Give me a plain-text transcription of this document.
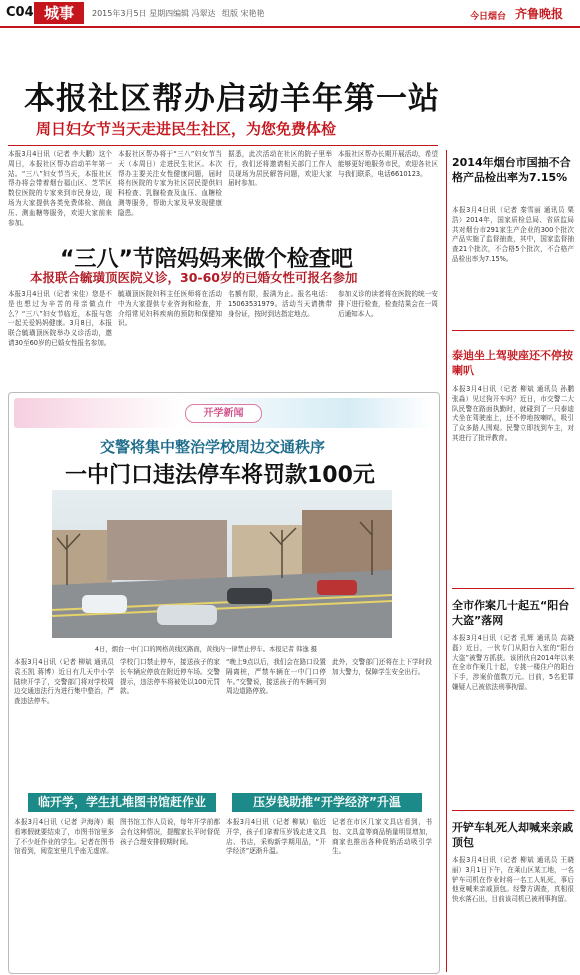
C04 城事	2015年3月5日 星期四 编辑 冯翠达 组版 宋艳艳	今日烟台 齐鲁晚报
本报社区帮办启动羊年第一站
周日妇女节当天走进民生社区，为您免费体检
本报3月4日讯（记者 李大鹏）这个周日，本报社区帮办启动羊年第一站。“三八”妇女节当天，本报社区帮办将会带着烟台福山区、芝罘区数位医院的专家来到市民身边，现场为大家提供各类免费体检、测血压、测血糖等服务，欢迎大家前来参加。
本报社区帮办将于“三八”妇女节当天（本周日）走进民生社区。本次帮办主要关注女性健康问题，届时将有医院的专家为社区居民提供妇科检查、乳腺检查及血压、血糖检测等服务，帮助大家及早发现健康隐患。
据悉，此次活动在社区的院子里举行，我们还将邀请相关部门工作人员现场为居民解答问题，欢迎大家届时参加。
本报社区帮办长期开展活动，希望能够更好地服务市民，欢迎各社区与我们联系，电话6610123。
“三八”节陪妈妈来做个检查吧
本报联合毓璜顶医院义诊，30-60岁的已婚女性可报名参加
本报3月4日讯（记者 宋佳）您是不是也想过为辛苦的母亲做点什么？“三八”妇女节临近，本报与您一起关爱妈妈健康。3月8日，本报联合毓璜顶医院举办义诊活动，邀请30至60岁的已婚女性报名参加。
毓璜顶医院妇科主任医师将在活动中为大家提供专业咨询和检查，并介绍常见妇科疾病的预防和保健知识。
名额有限，报满为止。报名电话：15063531979。活动当天请携带身份证，按时到达指定地点。
参加义诊的读者将在医院的统一安排下进行检查，检查结果会在一周后通知本人。
开学新闻
交警将集中整治学校周边交通秩序
一中门口违法停车将罚款100元
4日，烟台一中门口的网格黄线区路面，黄线内一律禁止停车。本报记者 韩逸 摄
本报3月4日讯（记者 柳斌 通讯员 袁丕凯 蒋博）近日有几天中小学陆续开学了，交警部门将对学校周边交通违法行为进行集中整治，严查违法停车。
学校门口禁止停车，接送孩子的家长车辆应停放在附近停车场。交警提示，违法停车将被处以100元罚款。
“晚上9点以后，我们会在路口设置隔离桩，严禁车辆在一中门口停车。”交警说，接送孩子的车辆可到周边道路停放。
此外，交警部门还将在上下学时段加大警力，保障学生安全出行。
临开学，学生扎堆图书馆赶作业
本报3月4日讯（记者 尹海涛）眼看寒假就要结束了，市图书馆里多了不少赶作业的学生。记者在图书馆看到，阅览室里几乎座无虚席。
图书馆工作人员说，每年开学前都会有这种情况，提醒家长平时督促孩子合理安排假期时间。
压岁钱助推“开学经济”升温
本报3月4日讯（记者 柳斌）临近开学，孩子们拿着压岁钱走进文具店、书店，采购新学期用品，“开学经济”逐渐升温。
记者在市区几家文具店看到，书包、文具盒等商品销量明显增加，商家也推出各种促销活动吸引学生。
2014年烟台市国抽不合格产品检出率为7.15%
本报3月4日讯（记者 秦雪丽 通讯员 栗浩）2014年，国家质检总局、省质监局共对烟台市291家生产企业的300个批次产品实施了监督抽查，其中，国家监督抽查21个批次，不合格5个批次，不合格产品检出率为7.15%。
泰迪坐上驾驶座还不停按喇叭
本报3月4日讯（记者 柳斌 通讯员 孙鹏 张淼）见过狗开车吗？近日，市交警二大队民警在路面执勤时，就碰到了一只泰迪犬坐在驾驶座上，还不停地按喇叭，吸引了众多路人围观。民警立即找到车主，对其进行了批评教育。
全市作案几十起五“阳台大盗”落网
本报3月4日讯（记者 孔辉 通讯员 高晓磊）近日，一伙专门从阳台入室的“阳台大盗”被警方抓获。该团伙自2014年以来在全市作案几十起，专挑一楼住户的阳台下手，涉案价值数万元。目前，5名犯罪嫌疑人已被依法刑事拘留。
开铲车轧死人却喊来亲戚顶包
本报3月4日讯（记者 柳斌 通讯员 王晓丽）3月1日下午，在莱山区某工地，一名铲车司机在作业时将一名工人轧死，事后他竟喊来亲戚顶包。经警方调查，真相很快水落石出，目前该司机已被刑事拘留。
